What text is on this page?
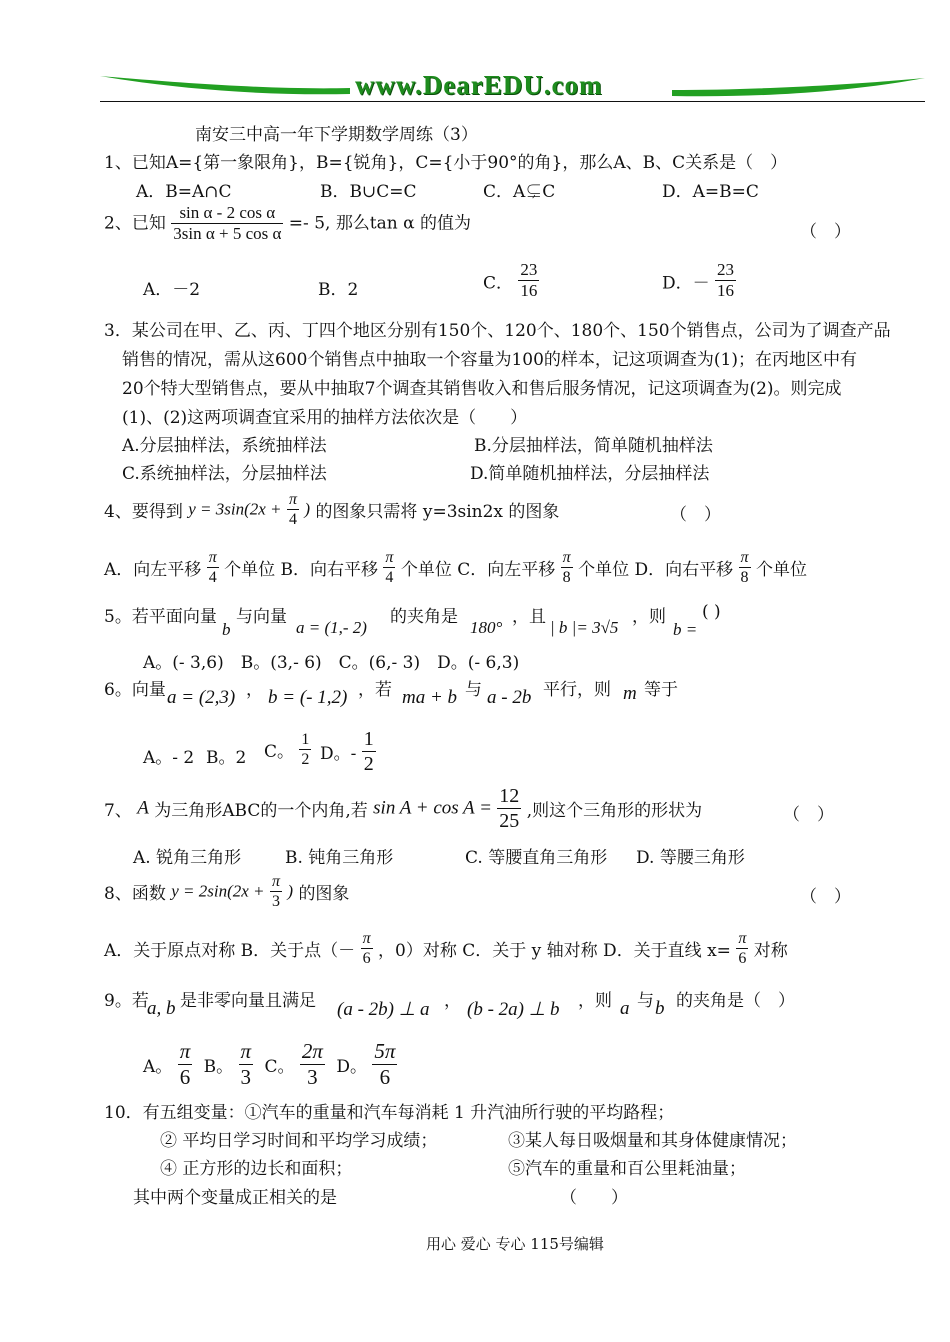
www.DearEDU.com
南安三中高一年下学期数学周练（3）
1、已知A={第一象限角}，B={锐角}，C={小于90°的角}，那么A、B、C关系是（　）
A．B=A∩C	B．B∪C=C	C．A⊊C	D．A=B=C
2、已知 $\frac{\text{sin α - 2 cos α}}{\text{3sin α + 5 cos α}} =- 5$, 那么tan α 的值为	（　）
A．－2	B．2	C． $\frac{23}{16}$	D．－ $\frac{23}{16}$
3．某公司在甲、乙、丙、丁四个地区分别有150个、120个、180个、150个销售点，公司为了调查产品
销售的情况，需从这600个销售点中抽取一个容量为100的样本，记这项调查为(1)；在丙地区中有
20个特大型销售点，要从中抽取7个调查其销售收入和售后服务情况，记这项调查为(2)。则完成
(1)、(2)这两项调查宜采用的抽样方法依次是（　　）
A.分层抽样法，系统抽样法	B.分层抽样法，简单随机抽样法
C.系统抽样法，分层抽样法	D.简单随机抽样法，分层抽样法
4、要得到 $y = 3\sin(2x + \frac{\pi}{4}$ ) 的图象只需将 y=3sin2x 的图象	（　）
A．向左平移 $\frac{\pi}{4}$ 个单位 B．向右平移 $\frac{\pi}{4}$ 个单位 C．向左平移 $\frac{\pi}{8}$ 个单位 D．向右平移 $\frac{\pi}{8}$ 个单位
5。若平面向量
b
与向量
a = (1,- 2)
的夹角是
180°
，且
| b |= 3√5
，则
b =
( )
A。(- 3,6)　B。(3,- 6)　C。(6,- 3)　D。(- 6,3)
6。向量 a = (2,3) ， b = (- 1,2) ，若 ma + b 与 a - 2b 平行，则 m 等于
A。- 2 B。2 C。 $\frac{1}{2}$ D。- $\frac{1}{2}$
7、 A 为三角形ABC的一个内角,若 $\sin A + \cos A = \frac{12}{25}$ ,则这个三角形的形状为	（　）
A. 锐角三角形	B. 钝角三角形	C. 等腰直角三角形 D. 等腰三角形
8、函数 $y = 2\sin(2x + \frac{\pi}{3}$ ) 的图象	（　）
A．关于原点对称 B．关于点（－ $\frac{\pi}{6}$ ，0）对称 C．关于 y 轴对称 D．关于直线 $x= \frac{\pi}{6}$ 对称
9。若
a, b 是非零向量且满足 (a - 2b) ⊥ a ， (b - 2a) ⊥ b ，则 a 与 b 的夹角是（　）
A。 $\frac{\pi}{6}$ B。 $\frac{\pi}{3}$ C。 $\frac{2\pi}{3}$ D。 $\frac{5\pi}{6}$
10．有五组变量：①汽车的重量和汽车每消耗 1 升汽油所行驶的平均路程；
② 平均日学习时间和平均学习成绩；	③某人每日吸烟量和其身体健康情况；
④ 正方形的边长和面积；	⑤汽车的重量和百公里耗油量；
其中两个变量成正相关的是	（　　）
用心 爱心 专心 115号编辑
